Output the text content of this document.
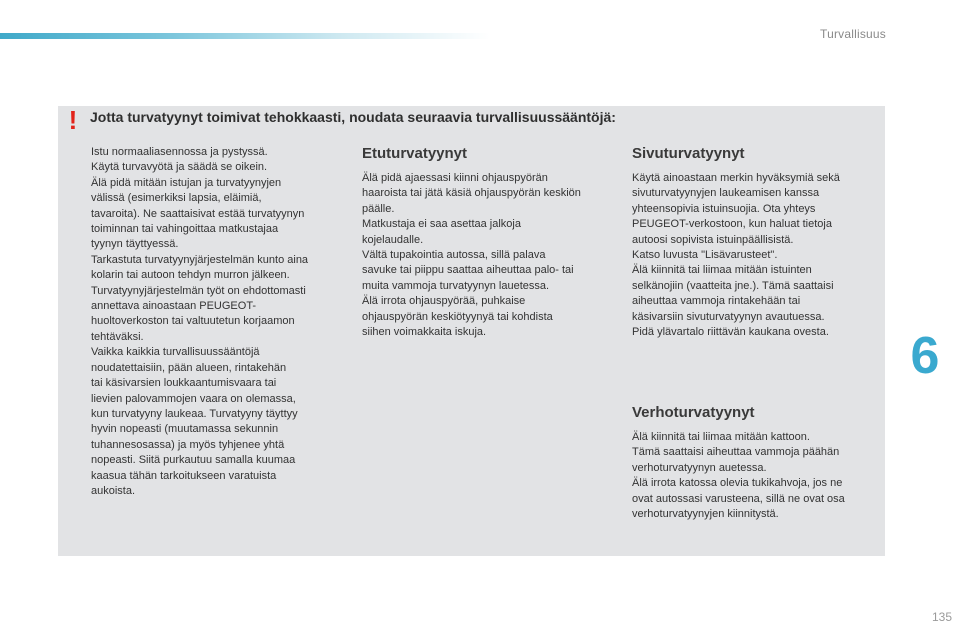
Turvallisuus
! Jotta turvatyynyt toimivat tehokkaasti, noudata seuraavia turvallisuussääntöjä:

Istu normaaliasennossa ja pystyssä.
Käytä turvavyötä ja säädä se oikein.
Älä pidä mitään istujan ja turvatyynyjen
välissä (esimerkiksi lapsia, eläimiä,
tavaroita). Ne saattaisivat estää turvatyynyn
toiminnan tai vahingoittaa matkustajaa
tyynyn täyttyessä.
Tarkastuta turvatyynyjärjestelmän kunto aina
kolarin tai autoon tehdyn murron jälkeen.
Turvatyynyjärjestelmän työt on ehdottomasti
annettava ainoastaan PEUGEOT-
huoltoverkoston tai valtuutetun korjaamon
tehtäväksi.
Vaikka kaikkia turvallisuussääntöjä
noudatettaisiin, pään alueen, rintakehän
tai käsivarsien loukkaantumisvaara tai
lievien palovammojen vaara on olemassa,
kun turvatyyny laukeaa. Turvatyyny täyttyy
hyvin nopeasti (muutamassa sekunnin
tuhannesosassa) ja myös tyhjenee yhtä
nopeasti. Siitä purkautuu samalla kuumaa
kaasua tähän tarkoitukseen varatuista
aukoista.

Etuturvatyynyt

Älä pidä ajaessasi kiinni ohjauspyörän
haaroista tai jätä käsiä ohjauspyörän keskiön
päälle.
Matkustaja ei saa asettaa jalkoja
kojelaudalle.
Vältä tupakointia autossa, sillä palava
savuke tai piippu saattaa aiheuttaa palo- tai
muita vammoja turvatyynyn lauetessa.
Älä irrota ohjauspyörää, puhkaise
ohjauspyörän keskiötyynyä tai kohdista
siihen voimakkaita iskuja.

Sivuturvatyynyt

Käytä ainoastaan merkin hyväksymiä sekä
sivuturvatyynyjen laukeamisen kanssa
yhteensopivia istuinsuojia. Ota yhteys
PEUGEOT-verkostoon, kun haluat tietoja
autoosi sopivista istuinpäällisistä.
Katso luvusta "Lisävarusteet".
Älä kiinnitä tai liimaa mitään istuinten
selkänojiin (vaatteita jne.). Tämä saattaisi
aiheuttaa vammoja rintakehään tai
käsivarsiin sivuturvatyynyn avautuessa.
Pidä ylävartalo riittävän kaukana ovesta.

Verhoturvatyynyt

Älä kiinnitä tai liimaa mitään kattoon.
Tämä saattaisi aiheuttaa vammoja päähän
verhoturvatyynyn auetessa.
Älä irrota katossa olevia tukikahvoja, jos ne
ovat autossasi varusteena, sillä ne ovat osa
verhoturvatyynyjen kiinnitystä.

6
135
